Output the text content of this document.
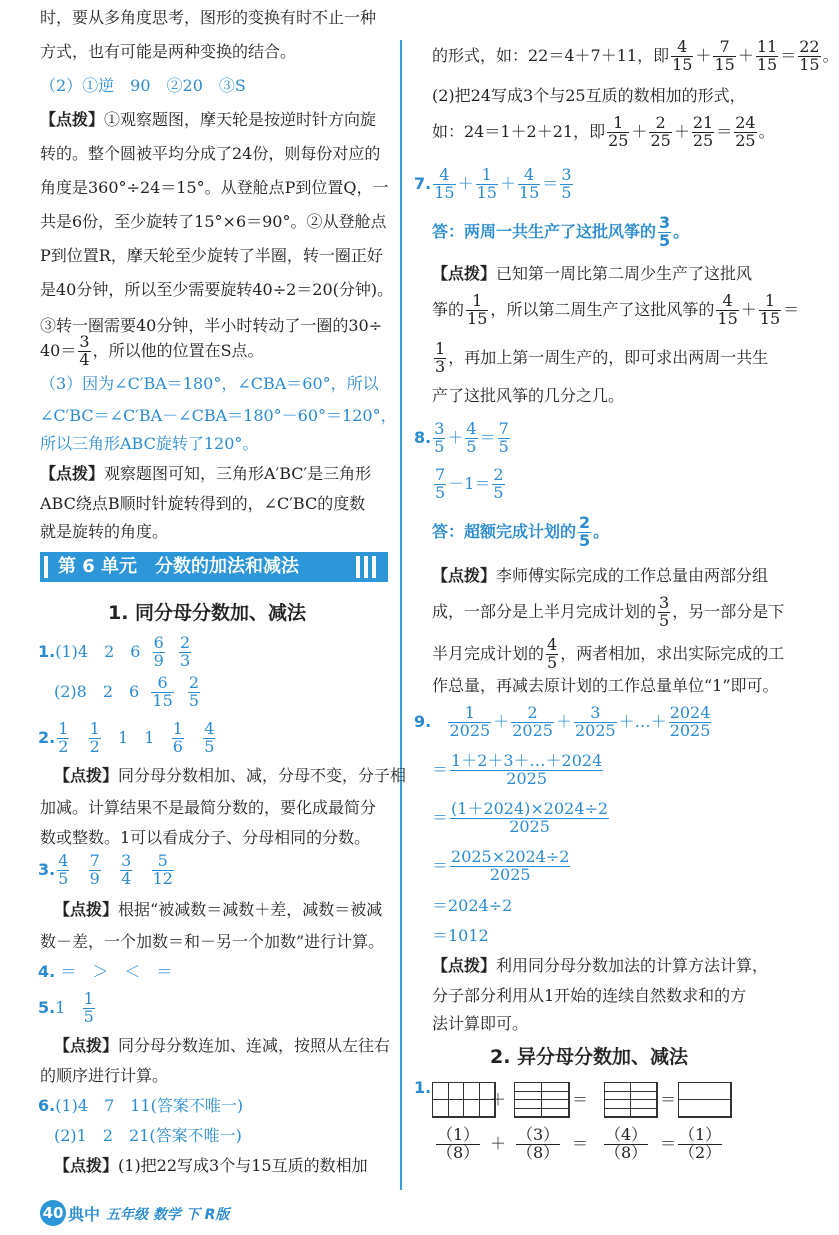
时，要从多角度思考，图形的变换有时不止一种
方式，也有可能是两种变换的结合。
（2）①逆　90　②20　③S
【点拨】①观察题图，摩天轮是按逆时针方向旋
转的。整个圆被平均分成了24份，则每份对应的
角度是360°÷24＝15°。从登舱点P到位置Q，一
共是6份，至少旋转了15°×6＝90°。②从登舱点
P到位置R，摩天轮至少旋转了半圈，转一圈正好
是40分钟，所以至少需要旋转40÷2＝20(分钟)。
③转一圈需要40分钟，半小时转动了一圈的30÷
$40= \frac{3}{4}$ ，所以他的位置在S点。
（3）因为∠C′BA＝180°，∠CBA＝60°，所以
∠C′BC＝∠C′BA－∠CBA＝180°－60°＝120°，
所以三角形ABC旋转了120°。
【点拨】观察题图可知，三角形A′BC′是三角形
ABC绕点B顺时针旋转得到的，∠C′BC的度数
就是旋转的角度。
第 6 单元　分数的加法和减法
1. 同分母分数加、减法
1.(1)4　2　$6 \frac{6}{9}$
$\frac{2}{3}$
(2)8　2　$6 \frac{6}{15}$
$\frac{2}{5}$
2. $\frac{1}{2}$
$\frac{1}{2} 1$　$1 \frac{1}{6}$
$\frac{4}{5}$
【点拨】同分母分数相加、减，分母不变，分子相
加减。计算结果不是最简分数的，要化成最简分
数或整数。1可以看成分子、分母相同的分数。
3. $\frac{4}{5}$
$\frac{7}{9}$
$\frac{3}{4}$
$\frac{5}{12}$
【点拨】根据“被减数＝减数＋差，减数＝被减
数－差，一个加数＝和－另一个加数”进行计算。
4. ＝　＞　＜　＝
$5.1 \frac{1}{5}$
【点拨】同分母分数连加、连减，按照从左往右
的顺序进行计算。
6.(1)4　7　11(答案不唯一)
(2)1　2　21(答案不唯一)
【点拨】(1)把22写成3个与15互质的数相加
的形式，如：22＝4＋7＋11，即 $\frac{4}{15} + \frac{7}{15} + \frac{11}{15} = \frac{22}{15}$ 。
(2)把24写成3个与25互质的数相加的形式，
如：24＝1＋2＋21，即 $\frac{1}{25} + \frac{2}{25} + \frac{21}{25} = \frac{24}{25}$ 。
7. $\frac{4}{15} + \frac{1}{15} + \frac{4}{15} = \frac{3}{5}$
答：两周一共生产了这批风筝的 $\frac{3}{5}$ 。
【点拨】已知第一周比第二周少生产了这批风
筝的 $\frac{1}{15}$ ，所以第二周生产了这批风筝的 $\frac{4}{15} + \frac{1}{15}$ ＝
$\frac{1}{3}$ ，再加上第一周生产的，即可求出两周一共生
产了这批风筝的几分之几。
8. $\frac{3}{5} + \frac{4}{5} = \frac{7}{5}$
$\frac{7}{5} -1= \frac{2}{5}$
答：超额完成计划的 $\frac{2}{5}$ 。
【点拨】李师傅实际完成的工作总量由两部分组
成，一部分是上半月完成计划的 $\frac{3}{5}$ ，另一部分是下
半月完成计划的 $\frac{4}{5}$ ，两者相加，求出实际完成的工
作总量，再减去原计划的工作总量单位“1”即可。
9. $\frac{1}{2025} + \frac{2}{2025} + \frac{3}{2025}$ ＋…＋ $\frac{2024}{2025}$
＝ $\frac{1+2+3+\dots+2024}{2025}$
＝ $\frac{(1+2024)\times 2024\div 2}{2025}$
＝ $\frac{2025\times 2024\div 2}{2025}$
＝2024÷2
＝1012
【点拨】利用同分母分数加法的计算方法计算，
分子部分利用从1开始的连续自然数求和的方
法计算即可。
2. 异分母分数加、减法
1.
＋	＝	＝
$\frac{(1)}{(8)} + \frac{(3)}{(8)} = \frac{(4)}{(8)} = \frac{(1)}{(2)}$
40 典中 五年级 数学 下 R版
